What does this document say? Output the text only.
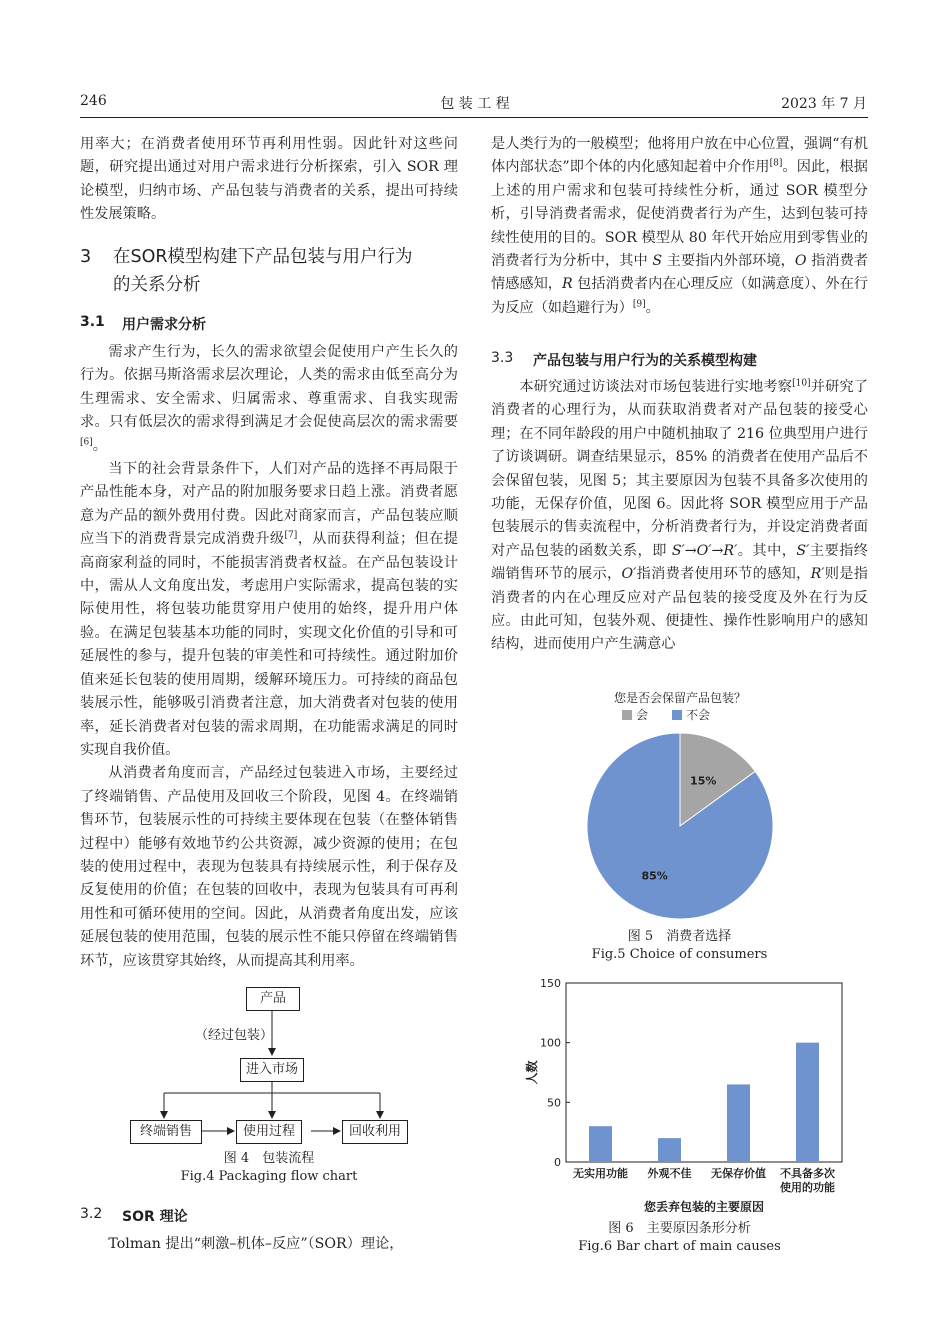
246	包 装 工 程	2023 年 7 月

用率大；在消费者使用环节再利用性弱。因此针对这些问题，研究提出通过对用户需求进行分析探索，引入 SOR 理论模型，归纳市场、产品包装与消费者的关系，提出可持续性发展策略。

3 在SOR模型构建下产品包装与用户行为
的关系分析
3.1 用户需求分析

需求产生行为，长久的需求欲望会促使用户产生长久的行为。依据马斯洛需求层次理论，人类的需求由低至高分为生理需求、安全需求、归属需求、尊重需求、自我实现需求。只有低层次的需求得到满足才会促使高层次的需求需要[6]。

当下的社会背景条件下，人们对产品的选择不再局限于产品性能本身，对产品的附加服务要求日趋上涨。消费者愿意为产品的额外费用付费。因此对商家而言，产品包装应顺应当下的消费背景完成消费升级[7]，从而获得利益；但在提高商家利益的同时，不能损害消费者权益。在产品包装设计中，需从人文角度出发，考虑用户实际需求，提高包装的实际使用性，将包装功能贯穿用户使用的始终，提升用户体验。在满足包装基本功能的同时，实现文化价值的引导和可延展性的参与，提升包装的审美性和可持续性。通过附加价值来延长包装的使用周期，缓解环境压力。可持续的商品包装展示性，能够吸引消费者注意，加大消费者对包装的使用率，延长消费者对包装的需求周期，在功能需求满足的同时实现自我价值。

从消费者角度而言，产品经过包装进入市场，主要经过了终端销售、产品使用及回收三个阶段，见图 4。在终端销售环节，包装展示性的可持续主要体现在包装（在整体销售过程中）能够有效地节约公共资源，减少资源的使用；在包装的使用过程中，表现为包装具有持续展示性，利于保存及反复使用的价值；在包装的回收中，表现为包装具有可再利用性和可循环使用的空间。因此，从消费者角度出发，应该延展包装的使用范围，包装的展示性不能只停留在终端销售环节，应该贯穿其始终，从而提高其利用率。

产品
（经过包装）
进入市场
终端销售	使用过程	回收利用
图 4　包装流程
Fig.4 Packaging flow chart
3.2 SOR 理论

Tolman 提出“刺激–机体–反应”（SOR）理论，

是人类行为的一般模型；他将用户放在中心位置，强调“有机体内部状态”即个体的内化感知起着中介作用[8]。因此，根据上述的用户需求和包装可持续性分析，通过 SOR 模型分析，引导消费者需求，促使消费者行为产生，达到包装可持续性使用的目的。SOR 模型从 80 年代开始应用到零售业的消费者行为分析中，其中 S 主要指内外部环境，O 指消费者情感感知，R 包括消费者内在心理反应（如满意度）、外在行为反应（如趋避行为）[9]。

3.3 产品包装与用户行为的关系模型构建

本研究通过访谈法对市场包装进行实地考察[10]并研究了消费者的心理行为，从而获取消费者对产品包装的接受心理；在不同年龄段的用户中随机抽取了 216 位典型用户进行了访谈调研。调查结果显示，85% 的消费者在使用产品后不会保留包装，见图 5；其主要原因为包装不具备多次使用的功能，无保存价值，见图 6。因此将 SOR 模型应用于产品包装展示的售卖流程中，分析消费者行为，并设定消费者面对产品包装的函数关系，即 S′→O′→R′。其中，S′主要指终端销售环节的展示，O′指消费者使用环节的感知，R′则是指消费者的内在心理反应对产品包装的接受度及外在行为反应。由此可知，包装外观、便捷性、操作性影响用户的感知结构，进而使用户产生满意心

您是否会保留产品包装？
会	不会
15%
85%
图 5　消费者选择
Fig.5 Choice of consumers
0
50
100
150
无实用功能 外观不佳 无保存价值 不具备多次
使用的功能
您丢弃包装的主要原因
人数
图 6　主要原因条形分析
Fig.6 Bar chart of main causes
